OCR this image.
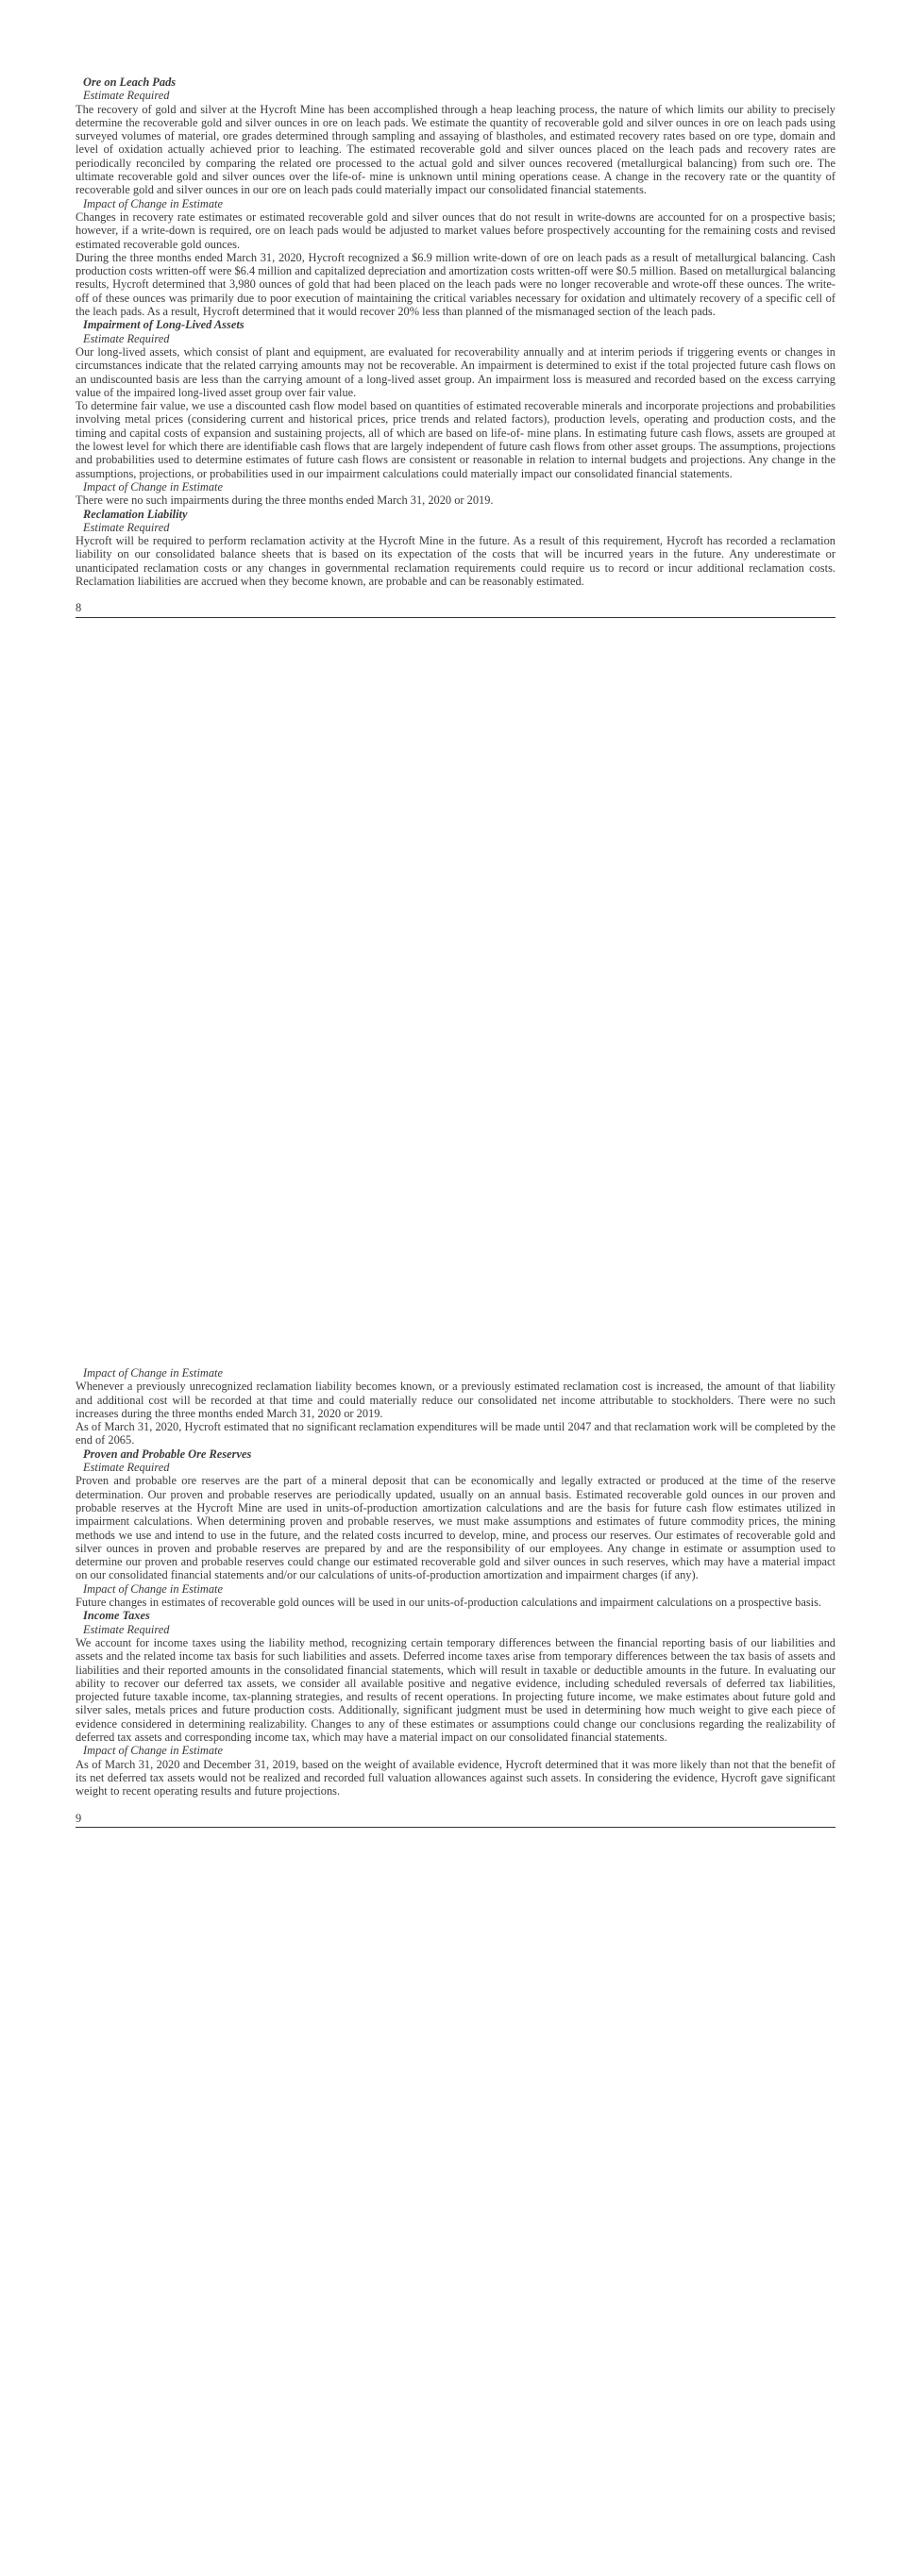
Ore on Leach Pads
Estimate Required

The recovery of gold and silver at the Hycroft Mine has been accomplished through a heap leaching process, the nature of which limits our ability to precisely determine the recoverable gold and silver ounces in ore on leach pads. We estimate the quantity of recoverable gold and silver ounces in ore on leach pads using surveyed volumes of material, ore grades determined through sampling and assaying of blastholes, and estimated recovery rates based on ore type, domain and level of oxidation actually achieved prior to leaching. The estimated recoverable gold and silver ounces placed on the leach pads and recovery rates are periodically reconciled by comparing the related ore processed to the actual gold and silver ounces recovered (metallurgical balancing) from such ore. The ultimate recoverable gold and silver ounces over the life-of- mine is unknown until mining operations cease. A change in the recovery rate or the quantity of recoverable gold and silver ounces in our ore on leach pads could materially impact our consolidated financial statements.

Impact of Change in Estimate

Changes in recovery rate estimates or estimated recoverable gold and silver ounces that do not result in write-downs are accounted for on a prospective basis; however, if a write-down is required, ore on leach pads would be adjusted to market values before prospectively accounting for the remaining costs and revised estimated recoverable gold ounces.

During the three months ended March 31, 2020, Hycroft recognized a $6.9 million write-down of ore on leach pads as a result of metallurgical balancing. Cash production costs written-off were $6.4 million and capitalized depreciation and amortization costs written-off were $0.5 million. Based on metallurgical balancing results, Hycroft determined that 3,980 ounces of gold that had been placed on the leach pads were no longer recoverable and wrote-off these ounces. The write-off of these ounces was primarily due to poor execution of maintaining the critical variables necessary for oxidation and ultimately recovery of a specific cell of the leach pads. As a result, Hycroft determined that it would recover 20% less than planned of the mismanaged section of the leach pads.

Impairment of Long-Lived Assets
Estimate Required

Our long-lived assets, which consist of plant and equipment, are evaluated for recoverability annually and at interim periods if triggering events or changes in circumstances indicate that the related carrying amounts may not be recoverable. An impairment is determined to exist if the total projected future cash flows on an undiscounted basis are less than the carrying amount of a long-lived asset group. An impairment loss is measured and recorded based on the excess carrying value of the impaired long-lived asset group over fair value.

To determine fair value, we use a discounted cash flow model based on quantities of estimated recoverable minerals and incorporate projections and probabilities involving metal prices (considering current and historical prices, price trends and related factors), production levels, operating and production costs, and the timing and capital costs of expansion and sustaining projects, all of which are based on life-of- mine plans. In estimating future cash flows, assets are grouped at the lowest level for which there are identifiable cash flows that are largely independent of future cash flows from other asset groups. The assumptions, projections and probabilities used to determine estimates of future cash flows are consistent or reasonable in relation to internal budgets and projections. Any change in the assumptions, projections, or probabilities used in our impairment calculations could materially impact our consolidated financial statements.

Impact of Change in Estimate

There were no such impairments during the three months ended March 31, 2020 or 2019.

Reclamation Liability
Estimate Required

Hycroft will be required to perform reclamation activity at the Hycroft Mine in the future. As a result of this requirement, Hycroft has recorded a reclamation liability on our consolidated balance sheets that is based on its expectation of the costs that will be incurred years in the future. Any underestimate or unanticipated reclamation costs or any changes in governmental reclamation requirements could require us to record or incur additional reclamation costs. Reclamation liabilities are accrued when they become known, are probable and can be reasonably estimated.

8
Impact of Change in Estimate

Whenever a previously unrecognized reclamation liability becomes known, or a previously estimated reclamation cost is increased, the amount of that liability and additional cost will be recorded at that time and could materially reduce our consolidated net income attributable to stockholders. There were no such increases during the three months ended March 31, 2020 or 2019.

As of March 31, 2020, Hycroft estimated that no significant reclamation expenditures will be made until 2047 and that reclamation work will be completed by the end of 2065.

Proven and Probable Ore Reserves
Estimate Required

Proven and probable ore reserves are the part of a mineral deposit that can be economically and legally extracted or produced at the time of the reserve determination. Our proven and probable reserves are periodically updated, usually on an annual basis. Estimated recoverable gold ounces in our proven and probable reserves at the Hycroft Mine are used in units-of-production amortization calculations and are the basis for future cash flow estimates utilized in impairment calculations. When determining proven and probable reserves, we must make assumptions and estimates of future commodity prices, the mining methods we use and intend to use in the future, and the related costs incurred to develop, mine, and process our reserves. Our estimates of recoverable gold and silver ounces in proven and probable reserves are prepared by and are the responsibility of our employees. Any change in estimate or assumption used to determine our proven and probable reserves could change our estimated recoverable gold and silver ounces in such reserves, which may have a material impact on our consolidated financial statements and/or our calculations of units-of-production amortization and impairment charges (if any).

Impact of Change in Estimate

Future changes in estimates of recoverable gold ounces will be used in our units-of-production calculations and impairment calculations on a prospective basis.

Income Taxes
Estimate Required

We account for income taxes using the liability method, recognizing certain temporary differences between the financial reporting basis of our liabilities and assets and the related income tax basis for such liabilities and assets. Deferred income taxes arise from temporary differences between the tax basis of assets and liabilities and their reported amounts in the consolidated financial statements, which will result in taxable or deductible amounts in the future. In evaluating our ability to recover our deferred tax assets, we consider all available positive and negative evidence, including scheduled reversals of deferred tax liabilities, projected future taxable income, tax-planning strategies, and results of recent operations. In projecting future income, we make estimates about future gold and silver sales, metals prices and future production costs. Additionally, significant judgment must be used in determining how much weight to give each piece of evidence considered in determining realizability. Changes to any of these estimates or assumptions could change our conclusions regarding the realizability of deferred tax assets and corresponding income tax, which may have a material impact on our consolidated financial statements.

Impact of Change in Estimate

As of March 31, 2020 and December 31, 2019, based on the weight of available evidence, Hycroft determined that it was more likely than not that the benefit of its net deferred tax assets would not be realized and recorded full valuation allowances against such assets. In considering the evidence, Hycroft gave significant weight to recent operating results and future projections.

9
